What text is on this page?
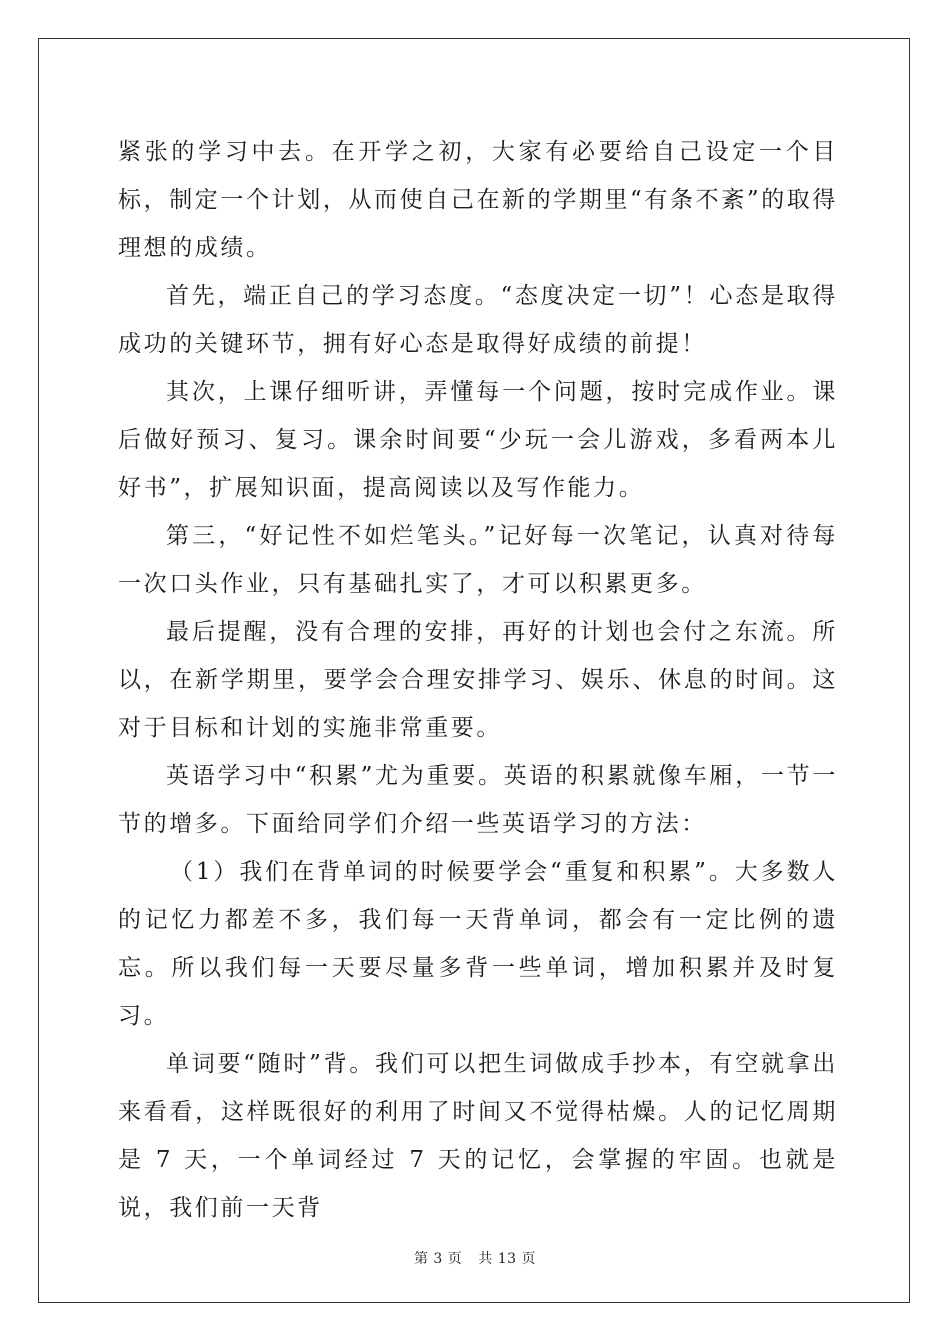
紧张的学习中去。在开学之初，大家有必要给自己设定一个目标，制定一个计划，从而使自己在新的学期里“有条不紊”的取得理想的成绩。

首先，端正自己的学习态度。“态度决定一切”！心态是取得成功的关键环节，拥有好心态是取得好成绩的前提！

其次，上课仔细听讲，弄懂每一个问题，按时完成作业。课后做好预习、复习。课余时间要“少玩一会儿游戏，多看两本儿好书”，扩展知识面，提高阅读以及写作能力。

第三，“好记性不如烂笔头。”记好每一次笔记，认真对待每一次口头作业，只有基础扎实了，才可以积累更多。

最后提醒，没有合理的安排，再好的计划也会付之东流。所以，在新学期里，要学会合理安排学习、娱乐、休息的时间。这对于目标和计划的实施非常重要。

英语学习中“积累”尤为重要。英语的积累就像车厢，一节一节的增多。下面给同学们介绍一些英语学习的方法：

（1）我们在背单词的时候要学会“重复和积累”。大多数人的记忆力都差不多，我们每一天背单词，都会有一定比例的遗忘。所以我们每一天要尽量多背一些单词，增加积累并及时复习。

单词要“随时”背。我们可以把生词做成手抄本，有空就拿出来看看，这样既很好的利用了时间又不觉得枯燥。人的记忆周期是 7 天，一个单词经过 7 天的记忆，会掌握的牢固。也就是说，我们前一天背

第 3 页 共 13 页
